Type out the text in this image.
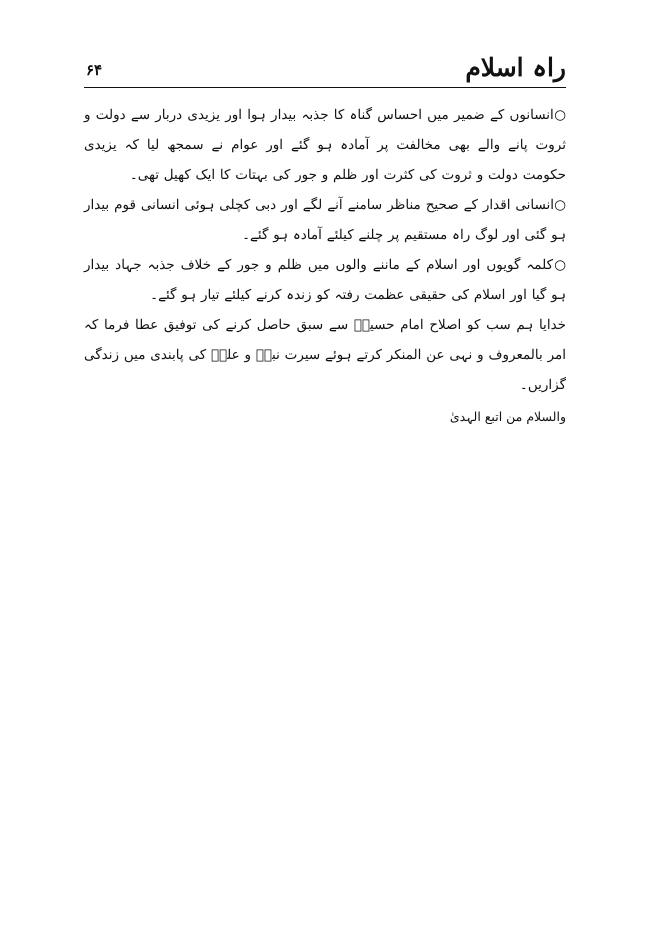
راہ اسلام
۶۴

○انسانوں کے ضمیر میں احساس گناہ کا جذبہ بیدار ہوا اور یزیدی دربار سے دولت و ثروت پانے والے بھی مخالفت پر آمادہ ہو گئے اور عوام نے سمجھ لیا کہ یزیدی حکومت دولت و ثروت کی کثرت اور ظلم و جور کی بہتات کا ایک کھیل تھی۔

○انسانی اقدار کے صحیح مناظر سامنے آنے لگے اور دبی کچلی ہوئی انسانی قوم بیدار ہو گئی اور لوگ راہ مستقیم پر چلنے کیلئے آمادہ ہو گئے۔

○کلمہ گویوں اور اسلام کے ماننے والوں میں ظلم و جور کے خلاف جذبہ جہاد بیدار ہو گیا اور اسلام کی حقیقی عظمت رفتہ کو زندہ کرنے کیلئے تیار ہو گئے۔

خدایا ہم سب کو اصلاح امام حسینؑ سے سبق حاصل کرنے کی توفیق عطا فرما کہ امر بالمعروف و نہی عن المنکر کرتے ہوئے سیرت نبیؐ و علیؑ کی پابندی میں زندگی گزاریں۔

والسلام من اتبع الہدیٰ
